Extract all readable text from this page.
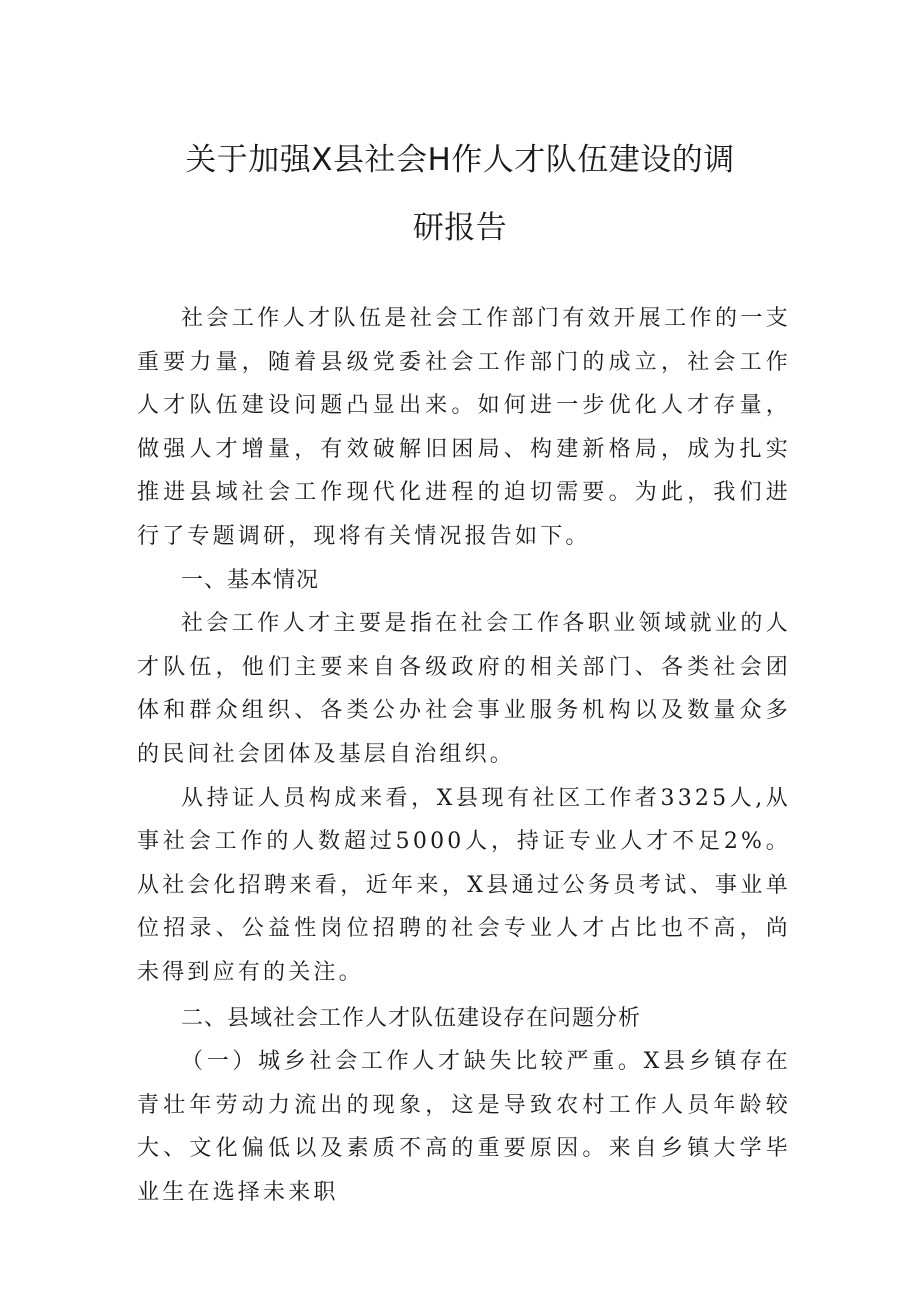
关于加强X县社会H作人才队伍建设的调
研报告

社会工作人才队伍是社会工作部门有效开展工作的一支重要力量，随着县级党委社会工作部门的成立，社会工作人才队伍建设问题凸显出来。如何进一步优化人才存量，做强人才增量，有效破解旧困局、构建新格局，成为扎实推进县域社会工作现代化进程的迫切需要。为此，我们进行了专题调研，现将有关情况报告如下。

一、基本情况

社会工作人才主要是指在社会工作各职业领域就业的人才队伍，他们主要来自各级政府的相关部门、各类社会团体和群众组织、各类公办社会事业服务机构以及数量众多的民间社会团体及基层自治组织。

从持证人员构成来看，X县现有社区工作者3325人,从事社会工作的人数超过5000人，持证专业人才不足2%。从社会化招聘来看，近年来，X县通过公务员考试、事业单位招录、公益性岗位招聘的社会专业人才占比也不高，尚未得到应有的关注。

二、县域社会工作人才队伍建设存在问题分析

（一）城乡社会工作人才缺失比较严重。X县乡镇存在青壮年劳动力流出的现象，这是导致农村工作人员年龄较大、文化偏低以及素质不高的重要原因。来自乡镇大学毕业生在选择未来职
